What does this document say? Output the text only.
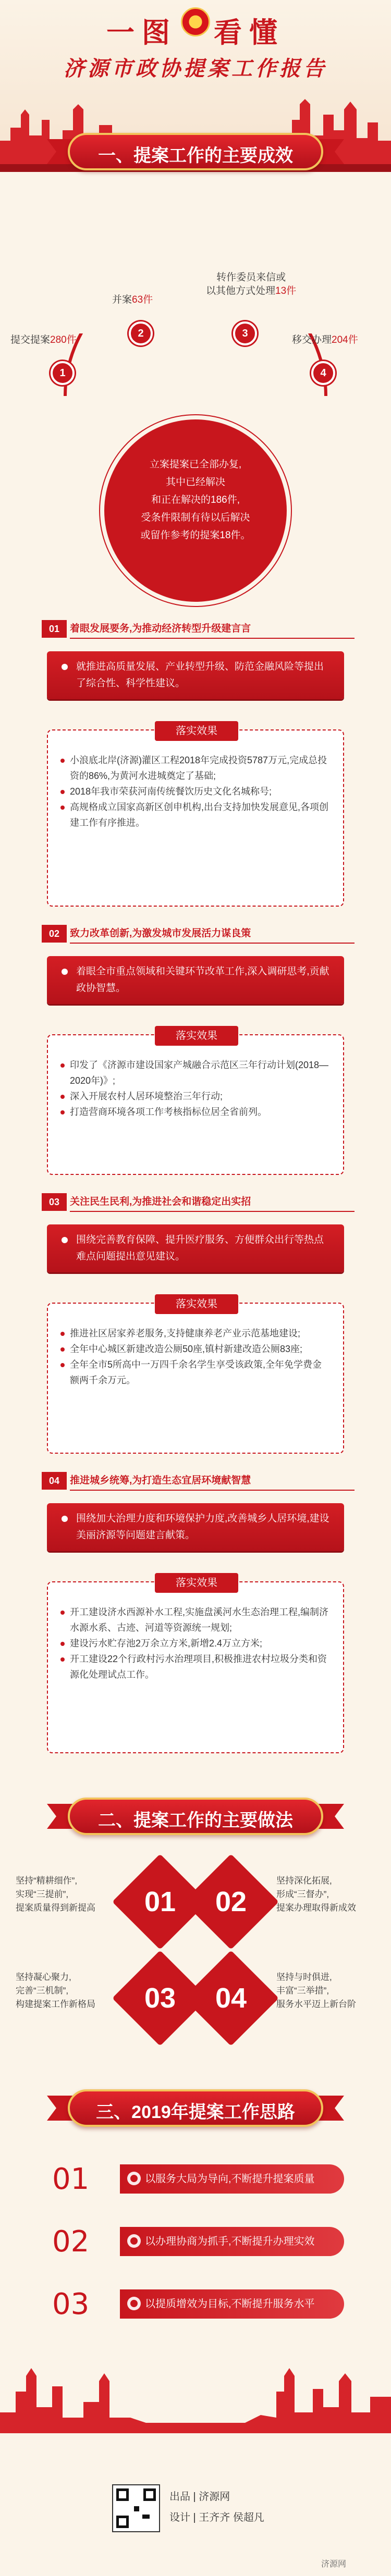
一图 看懂
济源市政协提案工作报告
一、提案工作的主要成效
1
2	3
4
提交提案280件
并案63件
转作委员来信或
以其他方式处理13件
移交办理204件
立案提案已全部办复,
其中已经解决
和正在解决的186件,
受条件限制有待以后解决
或留作参考的提案18件。
01	着眼发展要务,为推动经济转型升级建言言
就推进高质量发展、产业转型升级、防范金融风险等提出了综合性、科学性建议。
落实效果
小浪底北岸(济源)灌区工程2018年完成投资5787万元,完成总投资的86%,为黄河水进城奠定了基础;
2018年我市荣获河南传统餐饮历史文化名城称号;
高规格成立国家高新区创申机构,出台支持加快发展意见,各项创建工作有序推进。
02	致力改革创新,为激发城市发展活力谋良策
着眼全市重点领域和关键环节改革工作,深入调研思考,贡献政协智慧。
落实效果
印发了《济源市建设国家产城融合示范区三年行动计划(2018—2020年)》;
深入开展农村人居环境整治三年行动;
打造营商环境各项工作考核指标位居全省前列。
03	关注民生民利,为推进社会和谐稳定出实招
围绕完善教育保障、提升医疗服务、方便群众出行等热点难点问题提出意见建议。
落实效果
推进社区居家养老服务,支持健康养老产业示范基地建设;
全年中心城区新建改造公厕50座,镇村新建改造公厕83座;
全年全市5所高中一万四千余名学生享受该政策,全年免学费金额两千余万元。
04	推进城乡统筹,为打造生态宜居环境献智慧
围绕加大治理力度和环境保护力度,改善城乡人居环境,建设美丽济源等问题建言献策。
落实效果
开工建设济水西源补水工程,实施盘溪河水生态治理工程,编制济水源水系、古迹、河道等资源统一规划;
建设污水贮存池2万余立方米,新增2.4万立方米;
开工建设22个行政村污水治理项目,积极推进农村垃圾分类和资源化处理试点工作。
二、提案工作的主要做法
坚持“精耕细作”,
实现“三提前”,
提案质量得到新提高	01	02
坚持深化拓展,
形成“三督办”,
提案办理取得新成效
坚持凝心聚力,
完善“三机制”,
构建提案工作新格局	03	04
坚持与时俱进,
丰富“三举措”,
服务水平迈上新台阶
三、2019年提案工作思路
01	以服务大局为导向,不断提升提案质量
02	以办理协商为抓手,不断提升办理实效
03	以提质增效为目标,不断提升服务水平
出品 | 济源网
设计 | 王齐齐 侯超凡
济源网
